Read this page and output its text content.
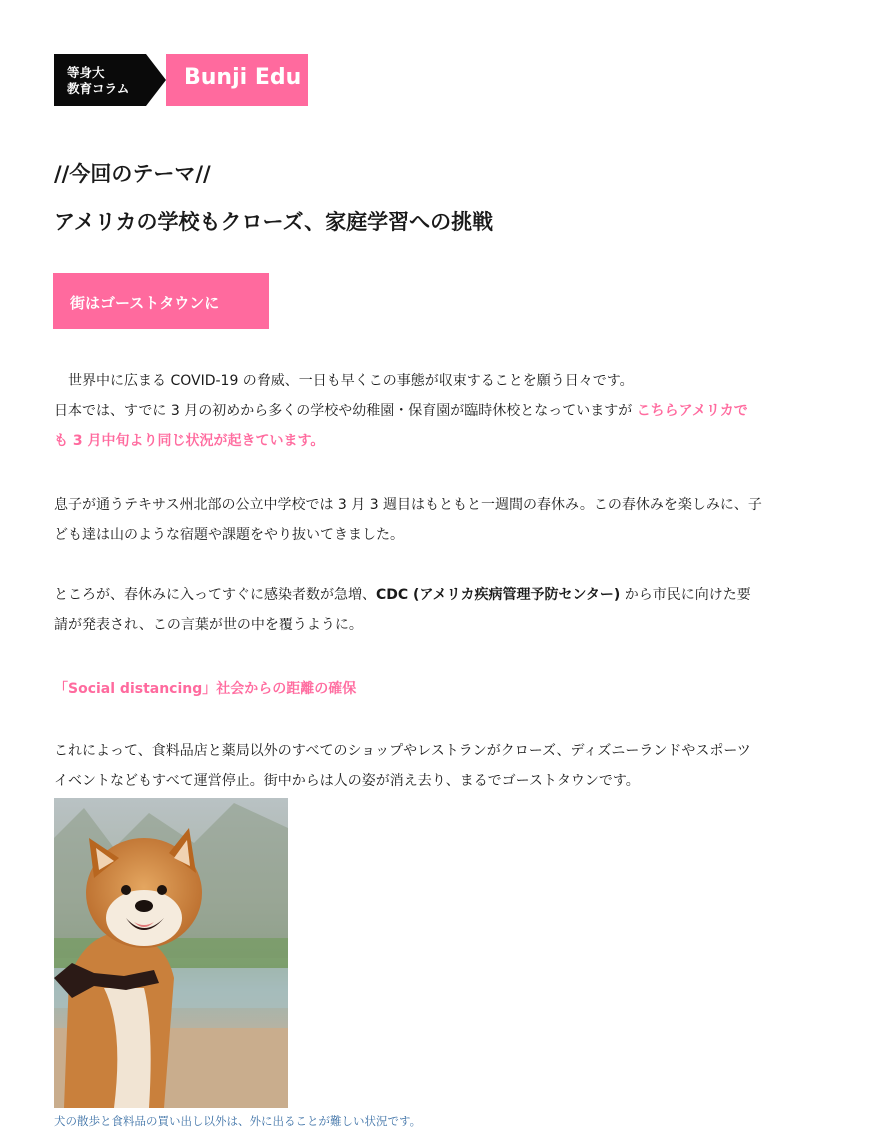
等身大
教育コラム Bunji Edu
//今回のテーマ//
アメリカの学校もクローズ、家庭学習への挑戦
街はゴーストタウンに
　世界中に広まる COVID-19 の脅威、一日も早くこの事態が収束することを願う日々です。
日本では、すでに 3 月の初めから多くの学校や幼稚園・保育園が臨時休校となっていますが こちらアメリカで
も 3 月中旬より同じ状況が起きています。
息子が通うテキサス州北部の公立中学校では 3 月 3 週目はもともと一週間の春休み。この春休みを楽しみに、子
ども達は山のような宿題や課題をやり抜いてきました。
ところが、春休みに入ってすぐに感染者数が急増、CDC (アメリカ疾病管理予防センター) から市民に向けた要
請が発表され、この言葉が世の中を覆うように。
「Social distancing」社会からの距離の確保
これによって、食料品店と薬局以外のすべてのショップやレストランがクローズ、ディズニーランドやスポーツ
イベントなどもすべて運営停止。街中からは人の姿が消え去り、まるでゴーストタウンです。
犬の散歩と食料品の買い出し以外は、外に出ることが難しい状況です。
